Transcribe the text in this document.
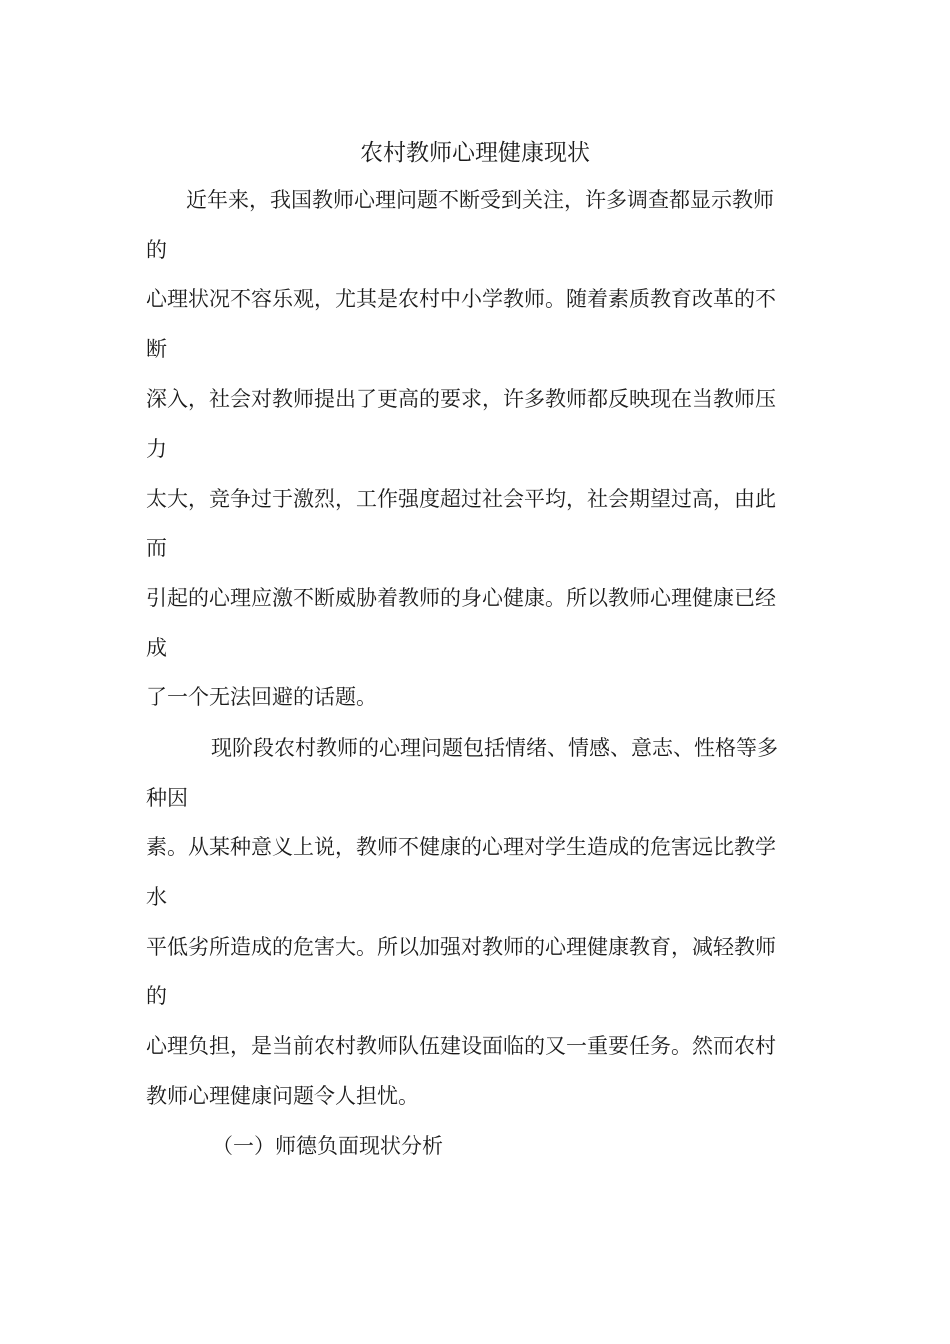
农村教师心理健康现状
近年来，我国教师心理问题不断受到关注，许多调查都显示教师
的
心理状况不容乐观，尤其是农村中小学教师。随着素质教育改革的不
断
深入，社会对教师提出了更高的要求，许多教师都反映现在当教师压
力
太大，竞争过于激烈，工作强度超过社会平均，社会期望过高，由此
而
引起的心理应激不断威胁着教师的身心健康。所以教师心理健康已经
成
了一个无法回避的话题。
现阶段农村教师的心理问题包括情绪、情感、意志、性格等多
种因
素。从某种意义上说，教师不健康的心理对学生造成的危害远比教学
水
平低劣所造成的危害大。所以加强对教师的心理健康教育，减轻教师
的
心理负担，是当前农村教师队伍建设面临的又一重要任务。然而农村
教师心理健康问题令人担忧。
（一）师德负面现状分析
